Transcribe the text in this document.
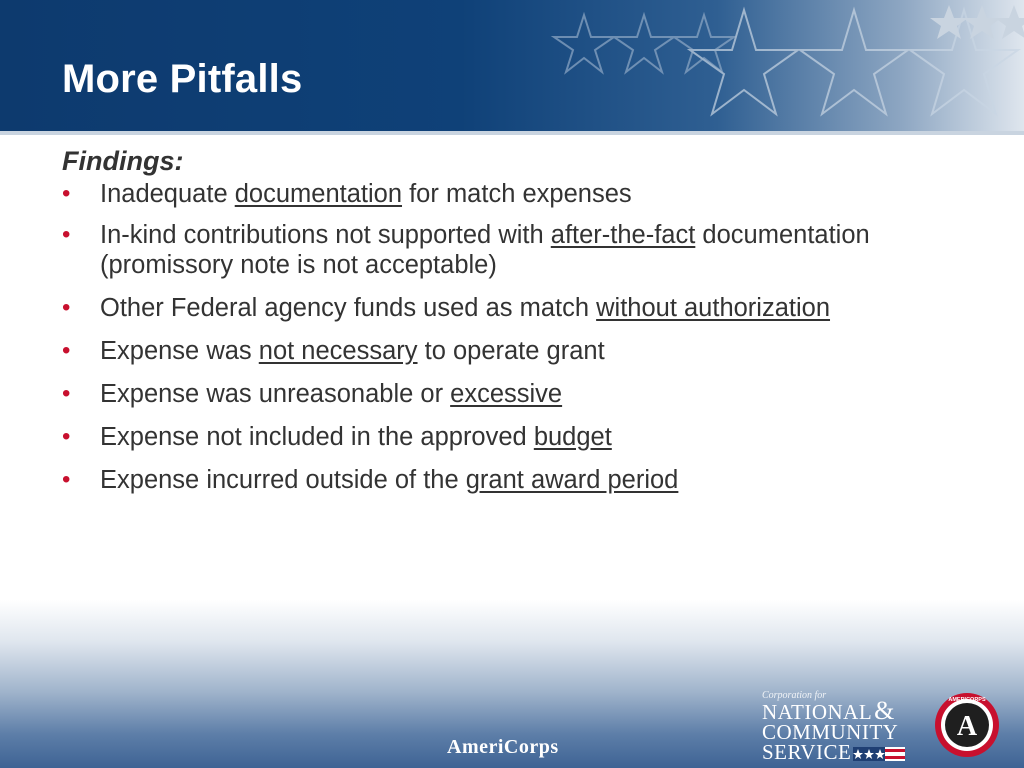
More Pitfalls

Findings:

• Inadequate documentation for match expenses
• In-kind contributions not supported with after-the-fact documentation (promissory note is not acceptable)
• Other Federal agency funds used as match without authorization
• Expense was not necessary to operate grant
• Expense was unreasonable or excessive
• Expense not included in the approved budget
• Expense incurred outside of the grant award period
AmeriCorps
Corporation for
NATIONAL&
COMMUNITY
SERVICE
A
AMERICORPS
